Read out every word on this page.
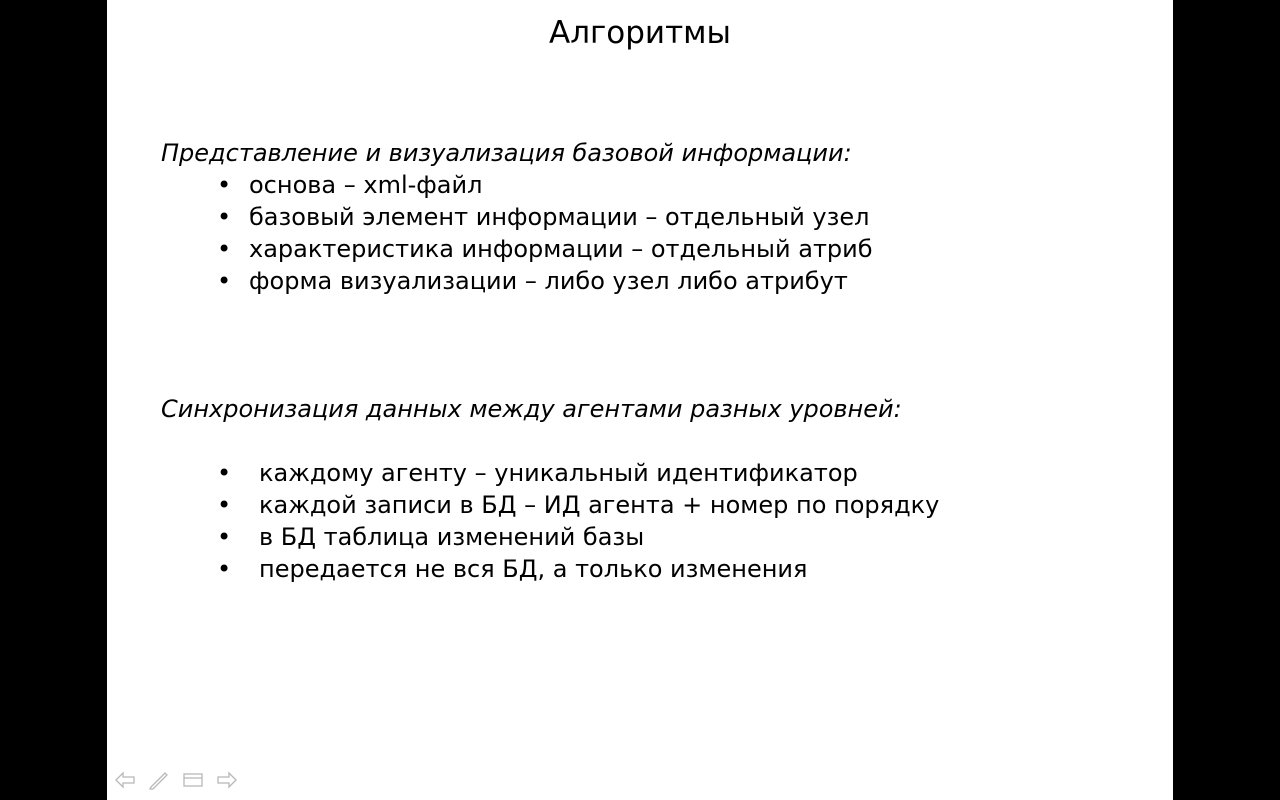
Алгоритмы
Представление и визуализация базовой информации:
• основа – xml-файл
• базовый элемент информации – отдельный узел
• характеристика информации – отдельный атриб
• форма визуализации – либо узел либо атрибут
Синхронизация данных между агентами разных уровней:
• каждому агенту – уникальный идентификатор
• каждой записи в БД – ИД агента + номер по порядку
• в БД таблица изменений базы
• передается не вся БД, а только изменения
